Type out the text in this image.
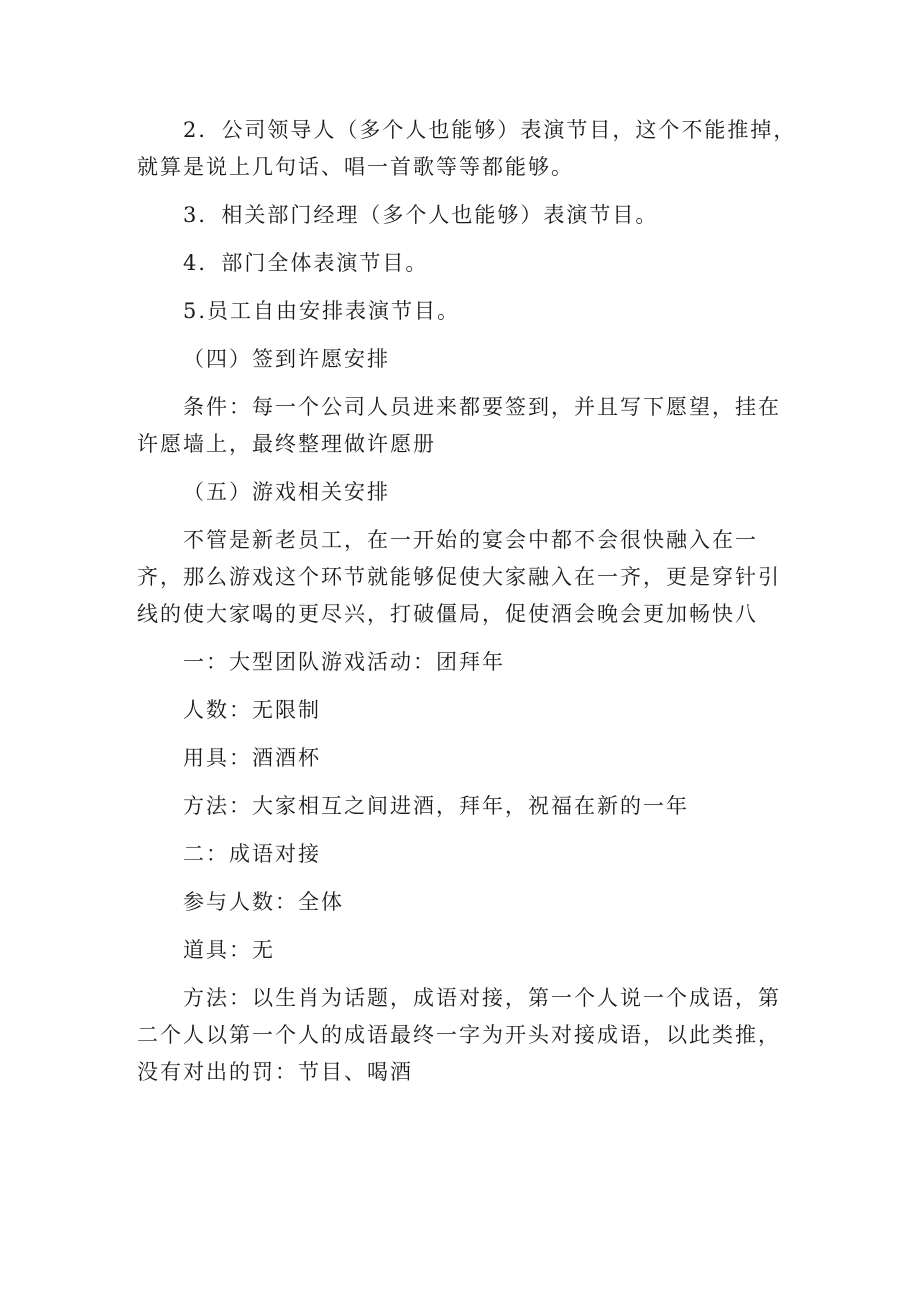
2．公司领导人（多个人也能够）表演节目，这个不能推掉，就算是说上几句话、唱一首歌等等都能够。

3．相关部门经理（多个人也能够）表演节目。

4．部门全体表演节目。

5.员工自由安排表演节目。

（四）签到许愿安排

条件：每一个公司人员进来都要签到，并且写下愿望，挂在许愿墙上，最终整理做许愿册

（五）游戏相关安排

不管是新老员工，在一开始的宴会中都不会很快融入在一齐，那么游戏这个环节就能够促使大家融入在一齐，更是穿针引线的使大家喝的更尽兴，打破僵局，促使酒会晚会更加畅快八

一：大型团队游戏活动：团拜年

人数：无限制

用具：酒酒杯

方法：大家相互之间进酒，拜年，祝福在新的一年

二：成语对接

参与人数：全体

道具：无

方法：以生肖为话题，成语对接，第一个人说一个成语，第二个人以第一个人的成语最终一字为开头对接成语，以此类推，没有对出的罚：节目、喝酒
